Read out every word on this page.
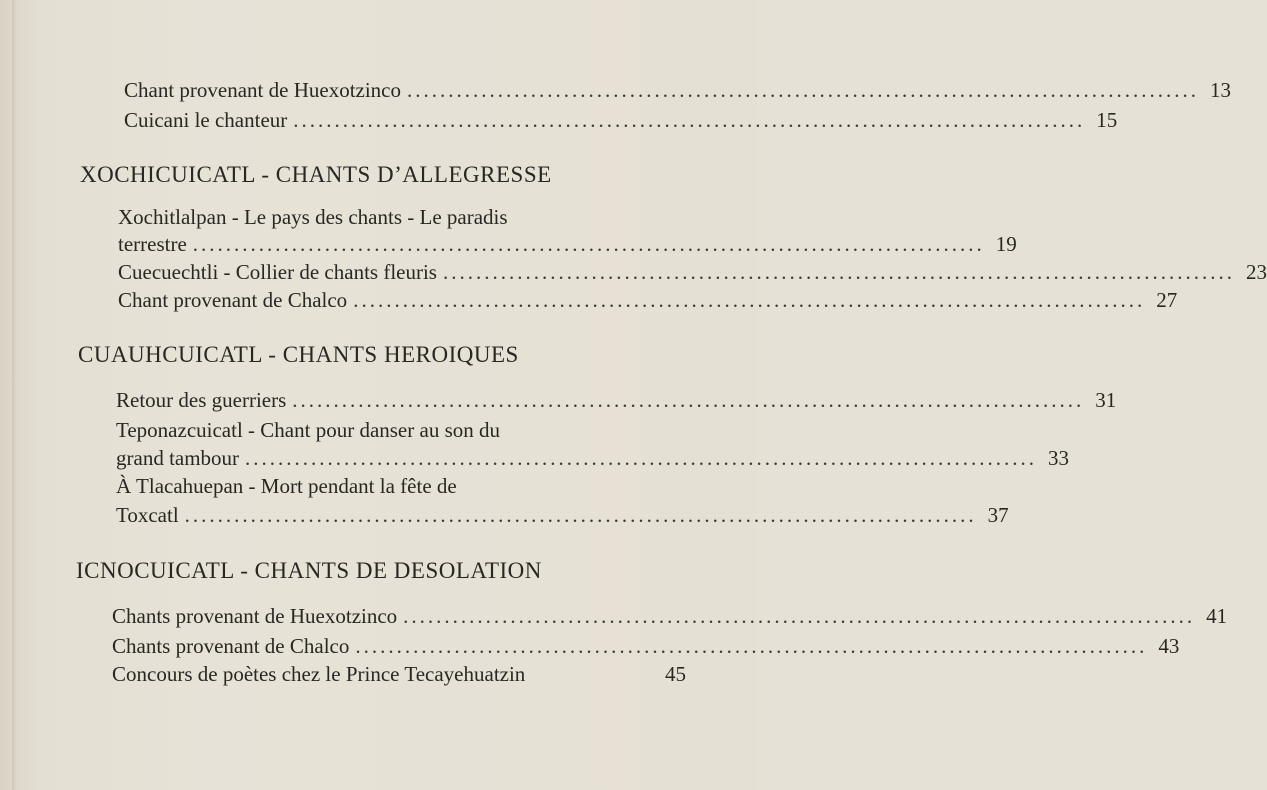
Chant provenant de Huexotzinco ................................................................................................ 13
Cuicani le chanteur ................................................................................................ 15
XOCHICUICATL - CHANTS D’ALLEGRESSE
Xochitlalpan - Le pays des chants - Le paradis
terrestre ................................................................................................ 19
Cuecuechtli - Collier de chants fleuris ................................................................................................ 23
Chant provenant de Chalco ................................................................................................ 27
CUAUHCUICATL - CHANTS HEROIQUES
Retour des guerriers ................................................................................................ 31
Teponazcuicatl - Chant pour danser au son du
grand tambour ................................................................................................ 33
À Tlacahuepan - Mort pendant la fête de
Toxcatl ................................................................................................ 37
ICNOCUICATL - CHANTS DE DESOLATION
Chants provenant de Huexotzinco ................................................................................................ 41
Chants provenant de Chalco ................................................................................................ 43
Concours de poètes chez le Prince Tecayehuatzin	45
